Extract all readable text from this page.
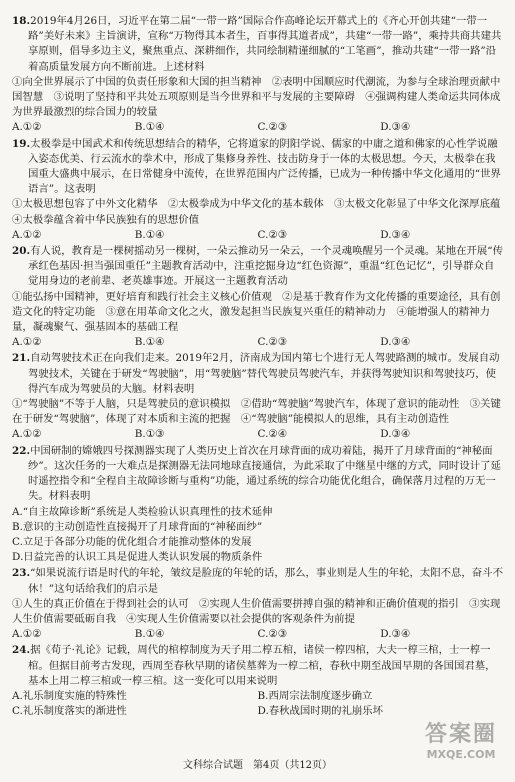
18.2019年4月26日，习近平在第二届“一带一路”国际合作高峰论坛开幕式上的《齐心开创共建“一带一路”美好未来》主旨演讲，宣称“万物得其本者生，百事得其道者成”，共建“一带一路”，乘持共商共建共享原则，倡导多边主义，聚焦重点、深耕细作，共同绘制精谨细腻的“工笔画”，推动共建“一带一路”沿着高质量发展方向不断前进。上述材料

①向全世界展示了中国的负责任形象和大国的担当精神　②表明中国顺应时代潮流，为参与全球治理贡献中国智慧　③说明了坚持和平共处五项原则是当今世界和平与发展的主要障碍　④强调构建人类命运共同体成为世界最激烈的综合国力的较量

A.①②	B.①④	C.②③	D.③④

19.太极拳是中国武术和传统思想结合的精华，它将道家的阴阳学说、儒家的中庸之道和佛家的心性学说融入姿态优美、行云流水的拳术中，形成了集修身养性、技击防身于一体的太极思想。今天，太极拳在我国重大盛典中展示，在日常健身中流传，在世界范围内广泛传播，已成为一种传播中华文化通用的“世界语言”。这表明

①太极思想包容了中外文化精华　②太极拳成为中华文化的基本载体　③太极文化彰显了中华文化深厚底蕴　④太极拳蕴含着中华民族独有的思想价值

A.①②	B.①④	C.②③	D.③④

20.有人说，教育是一棵树摇动另一棵树，一朵云推动另一朵云，一个灵魂唤醒另一个灵魂。某地在开展“传承红色基因·担当强国重任”主题教育活动中，注重挖掘身边“红色资源”，重温“红色记忆”，引导群众自觉用身边的老前辈、老英雄事迹。开展这一主题教育活动

①能弘扬中国精神，更好培育和践行社会主义核心价值观　②是基于教育作为文化传播的重要途径，具有创造文化的特定功能　③意在用革命文化之火，激发起担当民族复兴重任的精神动力　④能增强人的精神力量，凝魂聚气、强基固本的基础工程

A.①②	B.①④	C.②③	D.③④

21.自动驾驶技术正在向我们走来。2019年2月，济南成为国内第七个进行无人驾驶路测的城市。发展自动驾驶技术，关键在于研发“驾驶脑”，用“驾驶脑”替代驾驶员驾驶汽车，并获得驾驶知识和驾驶技巧，使得汽车成为驾驶员的大脑。材料表明

①“驾驶脑”不等于人脑，只是驾驶员的意识模拟　②借助“驾驶脑”驾驶汽车，体现了意识的能动性　③关键在于研发“驾驶脑”，体现了对本质和主流的把握　④“驾驶脑”能模拟人的思维，具有主动创造性

A.①②	B.①③	C.②④	D.③④

22.中国研制的嫦娥四号探测器实现了人类历史上首次在月球背面的成功着陆，揭开了月球背面的“神秘面纱”。这次任务的一大难点是探测器无法同地球直接通信，为此采取了中继星中继的方式，同时设计了延时遥控指令和“全程自主故障诊断与重构”功能，通过系统的综合功能优化组合，确保落月过程的万无一失。材料表明

A.“自主故障诊断”系统是人类检验认识真理性的技术延伸

B.意识的主动创造性直接揭开了月球背面的“神秘面纱”

C.立足于各部分功能的优化组合才能推动整体的发展

D.日益完善的认识工具是促进人类认识发展的物质条件

23.“如果说流行语是时代的年轮，皱纹是脸庞的年轮的话，那么，事业则是人生的年轮，太阳不息，奋斗不休！”这句话给我们的启示是

①人生的真正价值在于得到社会的认可　②实现人生价值需要拼搏自强的精神和正确价值观的指引　③实现人生价值需要砥砺自我　④实现人生价值需要以社会提供的客观条件为前提

A.①②	B.①④	C.②③	D.③④

24.据《荀子·礼论》记载，周代的棺椁制度为天子用二椁五棺，诸侯一椁四棺，大夫一椁三棺，士一椁一棺。但据目前考古发现，西周至春秋早期的诸侯墓葬为一椁二棺，春秋中期至战国早期的各国国君墓，基本上用二椁三棺或一椁三棺。这一变化可以用来说明

A.礼乐制度实施的特殊性	B.西周宗法制度逐步确立
C.礼乐制度落实的渐进性	D.春秋战国时期的礼崩乐坏
文科综合试题　第4页（共12页）
答案圈
MXQE.COM
